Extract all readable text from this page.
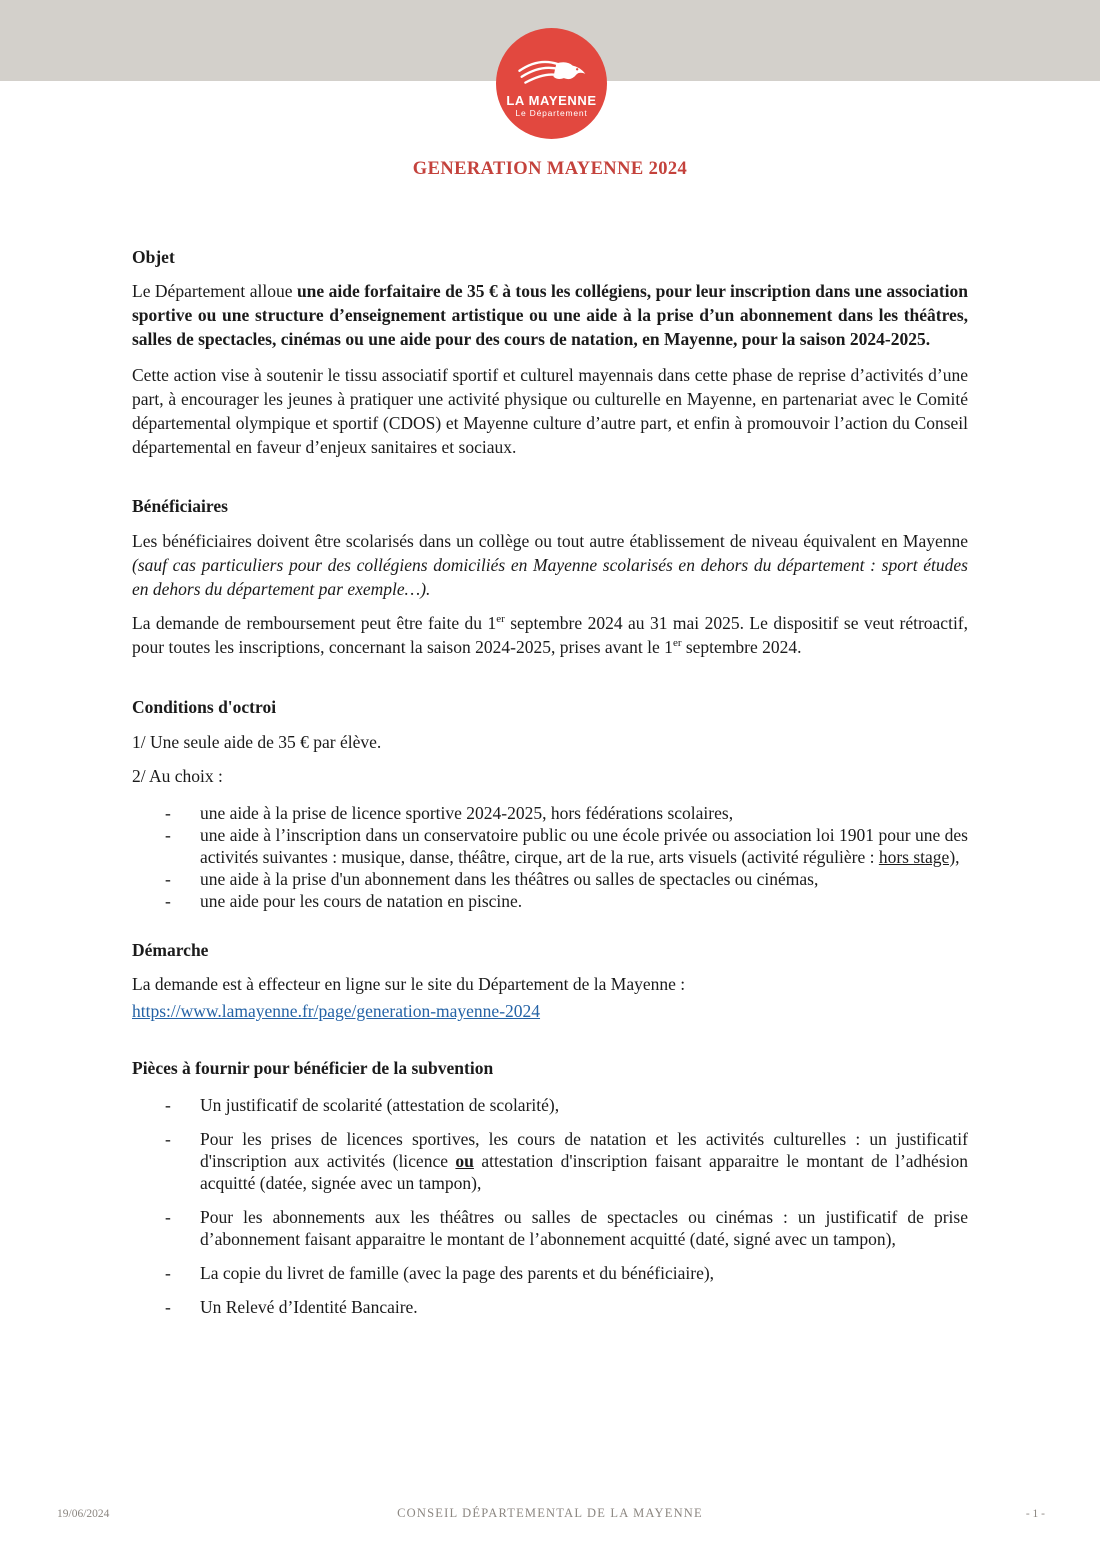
LA MAYENNE
Le Département
GENERATION MAYENNE 2024
Objet

Le Département alloue une aide forfaitaire de 35 € à tous les collégiens, pour leur inscription dans une association sportive ou une structure d’enseignement artistique ou une aide à la prise d’un abonnement dans les théâtres, salles de spectacles, cinémas ou une aide pour des cours de natation, en Mayenne, pour la saison 2024-2025.

Cette action vise à soutenir le tissu associatif sportif et culturel mayennais dans cette phase de reprise d’activités d’une part, à encourager les jeunes à pratiquer une activité physique ou culturelle en Mayenne, en partenariat avec le Comité départemental olympique et sportif (CDOS) et Mayenne culture d’autre part, et enfin à promouvoir l’action du Conseil départemental en faveur d’enjeux sanitaires et sociaux.

Bénéficiaires

Les bénéficiaires doivent être scolarisés dans un collège ou tout autre établissement de niveau équivalent en Mayenne (sauf cas particuliers pour des collégiens domiciliés en Mayenne scolarisés en dehors du département : sport études en dehors du département par exemple…).

La demande de remboursement peut être faite du 1er septembre 2024 au 31 mai 2025. Le dispositif se veut rétroactif, pour toutes les inscriptions, concernant la saison 2024-2025, prises avant le 1er septembre 2024.

Conditions d'octroi

1/ Une seule aide de 35 € par élève.

2/ Au choix :

-	une aide à la prise de licence sportive 2024-2025, hors fédérations scolaires,
-	une aide à l’inscription dans un conservatoire public ou une école privée ou association loi 1901 pour une des activités suivantes : musique, danse, théâtre, cirque, art de la rue, arts visuels (activité régulière : hors stage),
-	une aide à la prise d'un abonnement dans les théâtres ou salles de spectacles ou cinémas,
-	une aide pour les cours de natation en piscine.
Démarche

La demande est à effecteur en ligne sur le site du Département de la Mayenne :
https://www.lamayenne.fr/page/generation-mayenne-2024

Pièces à fournir pour bénéficier de la subvention
-	Un justificatif de scolarité (attestation de scolarité),
-	Pour les prises de licences sportives, les cours de natation et les activités culturelles : un justificatif d'inscription aux activités (licence ou attestation d'inscription faisant apparaitre le montant de l’adhésion acquitté (datée, signée avec un tampon),
-	Pour les abonnements aux les théâtres ou salles de spectacles ou cinémas : un justificatif de prise d’abonnement faisant apparaitre le montant de l’abonnement acquitté (daté, signé avec un tampon),
-	La copie du livret de famille (avec la page des parents et du bénéficiaire),
-	Un Relevé d’Identité Bancaire.
19/06/2024	CONSEIL DÉPARTEMENTAL DE LA MAYENNE	- 1 -
